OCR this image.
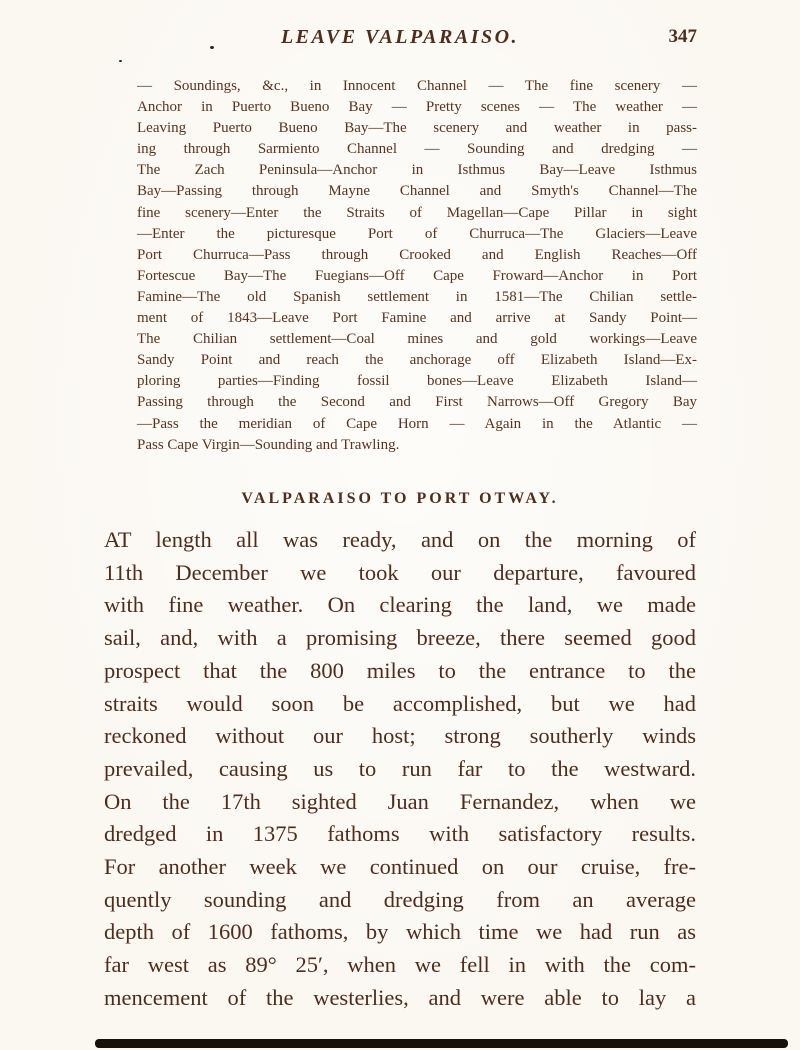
LEAVE VALPARAISO.	347
— Soundings, &c., in Innocent Channel — The fine scenery —
Anchor in Puerto Bueno Bay — Pretty scenes — The weather —
Leaving Puerto Bueno Bay—The scenery and weather in pass-
ing through Sarmiento Channel — Sounding and dredging —
The Zach Peninsula—Anchor in Isthmus Bay—Leave Isthmus
Bay—Passing through Mayne Channel and Smyth's Channel—The
fine scenery—Enter the Straits of Magellan—Cape Pillar in sight
—Enter the picturesque Port of Churruca—The Glaciers—Leave
Port Churruca—Pass through Crooked and English Reaches—Off
Fortescue Bay—The Fuegians—Off Cape Froward—Anchor in Port
Famine—The old Spanish settlement in 1581—The Chilian settle-
ment of 1843—Leave Port Famine and arrive at Sandy Point—
The Chilian settlement—Coal mines and gold workings—Leave
Sandy Point and reach the anchorage off Elizabeth Island—Ex-
ploring parties—Finding fossil bones—Leave Elizabeth Island—
Passing through the Second and First Narrows—Off Gregory Bay
—Pass the meridian of Cape Horn — Again in the Atlantic —
Pass Cape Virgin—Sounding and Trawling.
VALPARAISO TO PORT OTWAY.
AT length all was ready, and on the morning of
11th December we took our departure, favoured
with fine weather. On clearing the land, we made
sail, and, with a promising breeze, there seemed good
prospect that the 800 miles to the entrance to the
straits would soon be accomplished, but we had
reckoned without our host; strong southerly winds
prevailed, causing us to run far to the westward.
On the 17th sighted Juan Fernandez, when we
dredged in 1375 fathoms with satisfactory results.
For another week we continued on our cruise, fre-
quently sounding and dredging from an average
depth of 1600 fathoms, by which time we had run as
far west as 89° 25′, when we fell in with the com-
mencement of the westerlies, and were able to lay a
